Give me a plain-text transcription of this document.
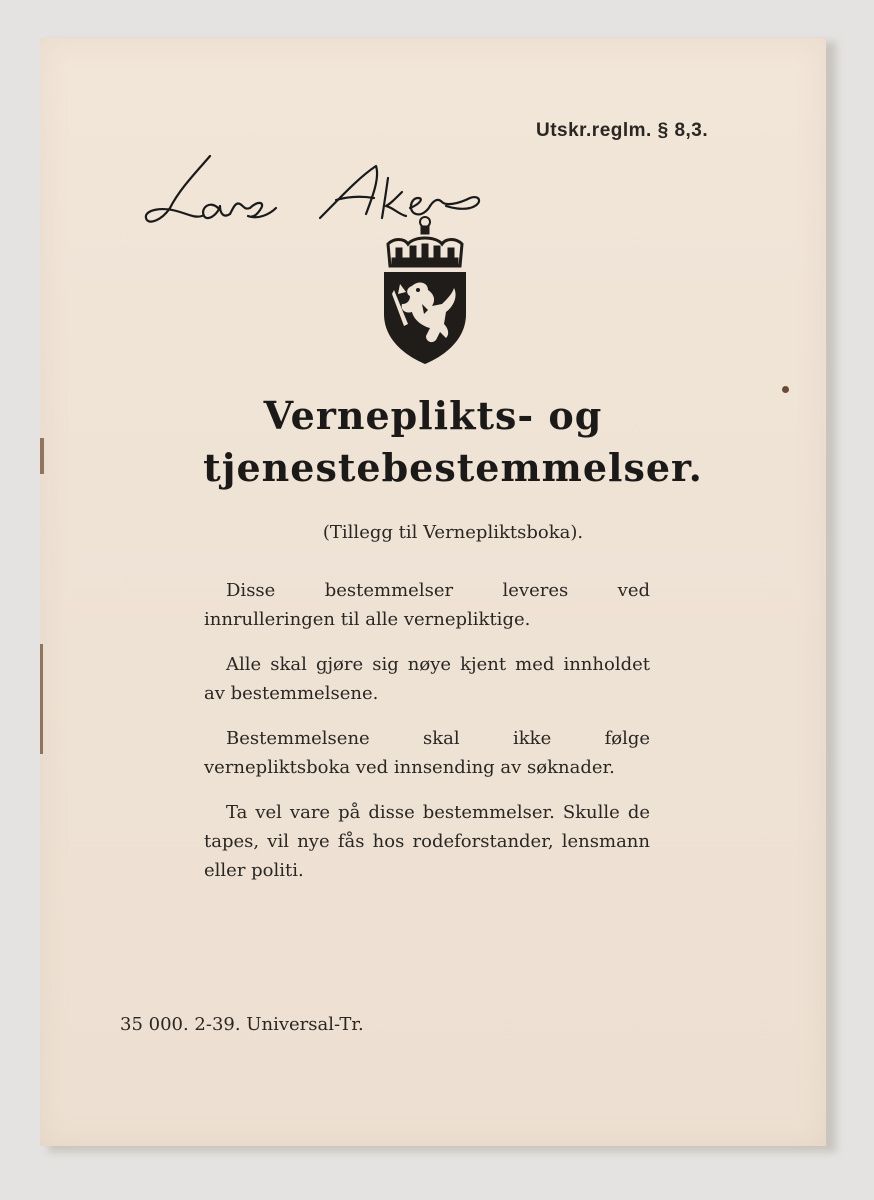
Utskr.reglm. § 8,3.
Verneplikts- og
tjenestebestemmelser.
(Tillegg til Vernepliktsboka).

Disse bestemmelser leveres ved innrulleringen til alle vernepliktige.

Alle skal gjøre sig nøye kjent med innholdet av bestemmelsene.

Bestemmelsene skal ikke følge vernepliktsboka ved innsending av søknader.

Ta vel vare på disse bestemmelser. Skulle de tapes, vil nye fås hos rodeforstander, lensmann eller politi.

35 000. 2-39. Universal-Tr.
